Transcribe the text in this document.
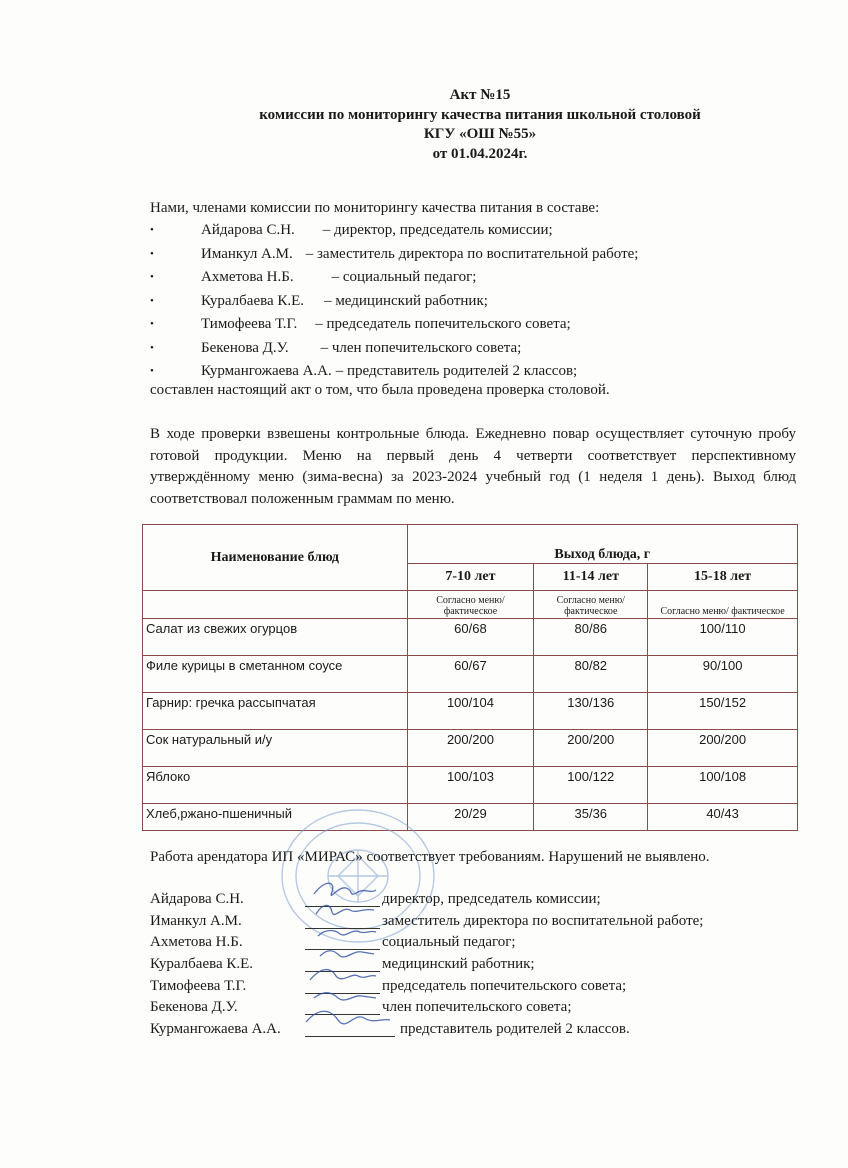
Акт №15
комиссии по мониторингу качества питания школьной столовой
КГУ «ОШ №55»
от 01.04.2024г.
Нами, членами комиссии по мониторингу качества питания в составе:
•	Айдарова С.Н. – директор, председатель комиссии;
•	Иманкул А.М. – заместитель директора по воспитательной работе;
•	Ахметова Н.Б.	– социальный педагог;
•	Куралбаева К.Е. – медицинский работник;
•	Тимофеева Т.Г. – председатель попечительского совета;
•	Бекенова Д.У. – член попечительского совета;
•	Курмангожаева А.А. – представитель родителей 2 классов;
составлен настоящий акт о том, что была проведена проверка столовой.
В ходе проверки взвешены контрольные блюда. Ежедневно повар осуществляет суточную пробу готовой продукции. Меню на первый день 4 четверти соответствует перспективному утверждённому меню (зима-весна) за 2023-2024 учебный год (1 неделя 1 день). Выход блюд соответствовал положенным граммам по меню.
Наименование блюд	Выход блюда, г		
	7-10 лет	11-14 лет	15-18 лет
	Согласно меню/ фактическое	Согласно меню/ фактическое	Согласно меню/ фактическое
Салат из свежих огурцов	60/68	80/86	100/110
Филе курицы в сметанном соусе	60/67	80/82	90/100
Гарнир: гречка рассыпчатая	100/104	130/136	150/152
Сок натуральный и/у	200/200	200/200	200/200
Яблоко	100/103	100/122	100/108
Хлеб,ржано-пшеничный	20/29	35/36	40/43
Работа арендатора ИП «МИРАС» соответствует требованиям. Нарушений не выявлено.
Айдарова С.Н.	директор, председатель комиссии;
Иманкул А.М.	заместитель директора по воспитательной работе;
Ахметова Н.Б.	социальный педагог;
Куралбаева К.Е.	медицинский работник;
Тимофеева Т.Г.	председатель попечительского совета;
Бекенова Д.У.	член попечительского совета;
Курмангожаева А.А.	представитель родителей 2 классов.
